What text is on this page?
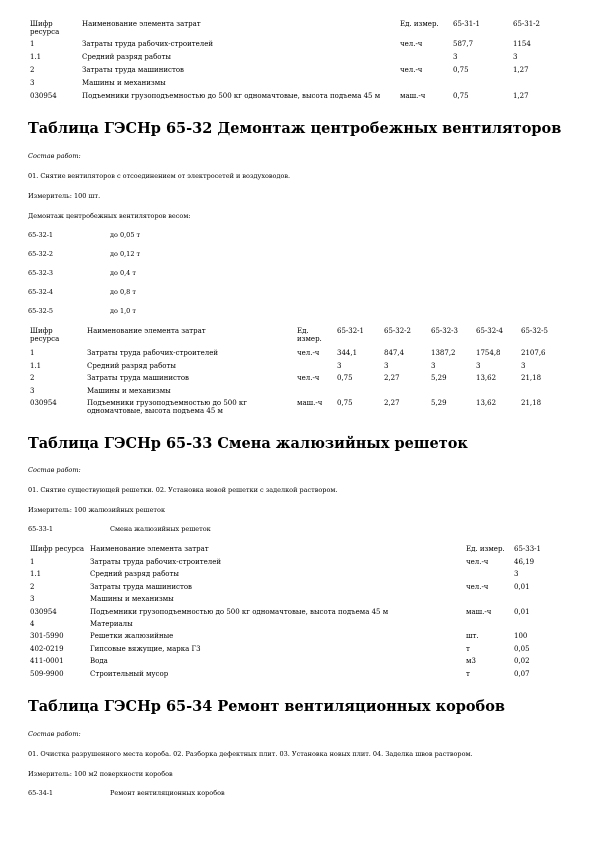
Шифр ресурса	Наименование элемента затрат	Ед. измер.	65-31-1	65-31-2
1	Затраты труда рабочих-строителей	чел.-ч	587,7	1154
1.1	Средний разряд работы		3	3
2	Затраты труда машинистов	чел.-ч	0,75	1,27
3	Машины и механизмы			
030954	Подъемники грузоподъемностью до 500 кг одномачтовые, высота подъема 45 м	маш.-ч	0,75	1,27
Таблица ГЭСНр 65-32 Демонтаж центробежных вентиляторов

Состав работ:

01. Снятие вентиляторов с отсоединением от электросетей и воздуховодов.

Измеритель: 100 шт.

Демонтаж центробежных вентиляторов весом:

65-32-1	до 0,05 т
65-32-2	до 0,12 т
65-32-3	до 0,4 т
65-32-4	до 0,8 т
65-32-5	до 1,0 т
Шифр ресурса	Наименование элемента затрат	Ед. измер.	65-32-1	65-32-2	65-32-3	65-32-4	65-32-5
1	Затраты труда рабочих-строителей	чел.-ч	344,1	847,4	1387,2	1754,8	2107,6
1.1	Средний разряд работы		3	3	3	3	3
2	Затраты труда машинистов	чел.-ч	0,75	2,27	5,29	13,62	21,18
3	Машины и механизмы						
030954	Подъемники грузоподъемностью до 500 кг одномачтовые, высота подъема 45 м	маш.-ч	0,75	2,27	5,29	13,62	21,18
Таблица ГЭСНр 65-33 Смена жалюзийных решеток

Состав работ:

01. Снятие существующей решетки. 02. Установка новой решетки с заделкой раствором.

Измеритель: 100 жалюзийных решеток

65-33-1	Смена жалюзийных решеток
Шифр ресурса	Наименование элемента затрат	Ед. измер.	65-33-1
1	Затраты труда рабочих-строителей	чел.-ч	46,19
1.1	Средний разряд работы		3
2	Затраты труда машинистов	чел.-ч	0,01
3	Машины и механизмы		
030954	Подъемники грузоподъемностью до 500 кг одномачтовые, высота подъема 45 м	маш.-ч	0,01
4	Материалы		
301-5990	Решетки жалюзийные	шт.	100
402-0219	Гипсовые вяжущие, марка Г3	т	0,05
411-0001	Вода	м3	0,02
509-9900	Строительный мусор	т	0,07
Таблица ГЭСНр 65-34 Ремонт вентиляционных коробов

Состав работ:

01. Очистка разрушенного места короба. 02. Разборка дефектных плит. 03. Установка новых плит. 04. Заделка швов раствором.

Измеритель: 100 м2 поверхности коробов

65-34-1	Ремонт вентиляционных коробов
